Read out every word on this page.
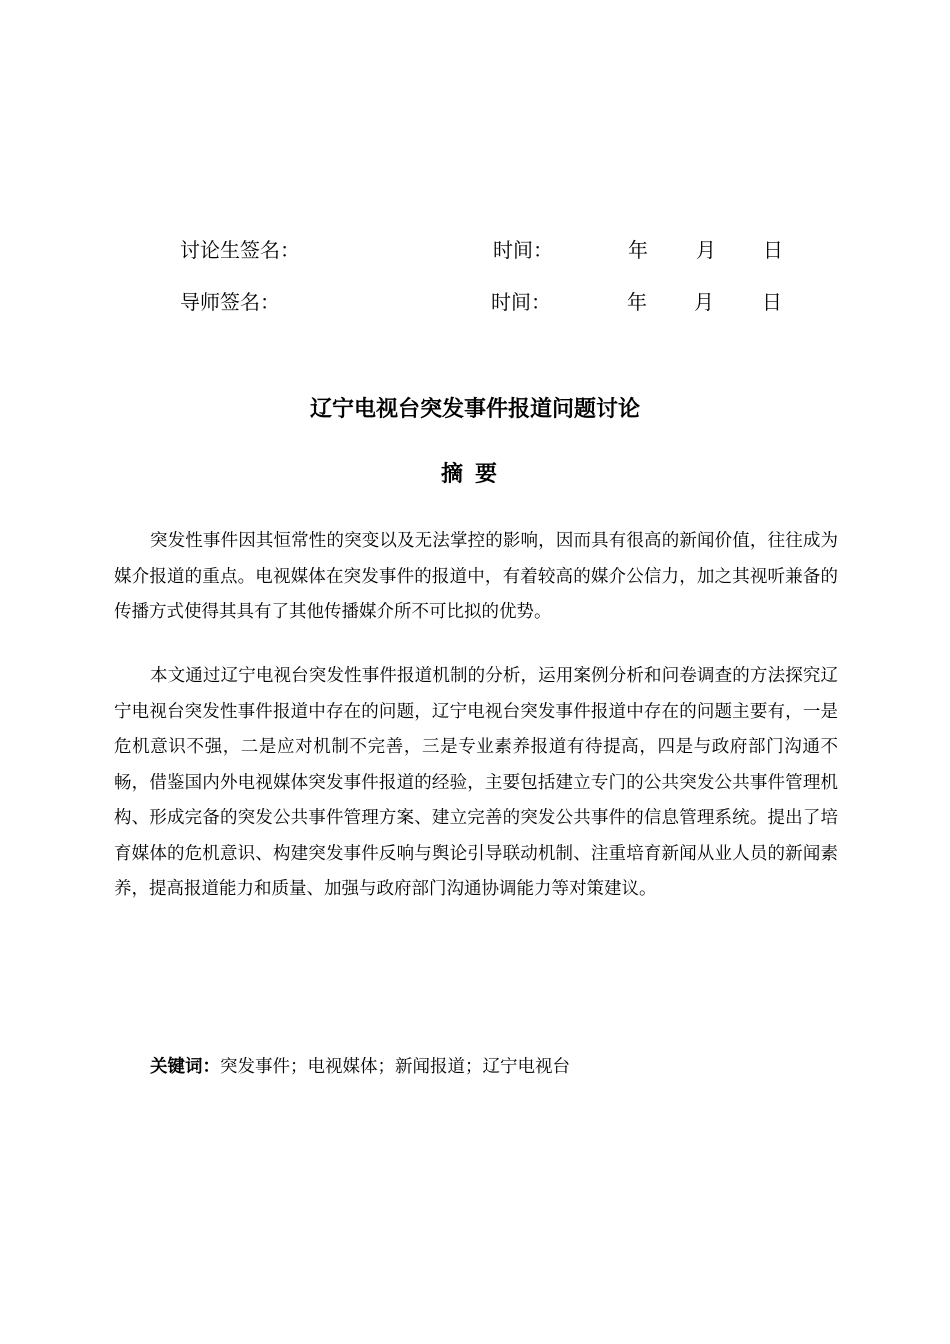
讨论生签名：	时间：	年 月 日
导师签名：	时间：	年 月 日
辽宁电视台突发事件报道问题讨论
摘要

突发性事件因其恒常性的突变以及无法掌控的影响，因而具有很高的新闻价值，往往成为媒介报道的重点。电视媒体在突发事件的报道中，有着较高的媒介公信力，加之其视听兼备的传播方式使得其具有了其他传播媒介所不可比拟的优势。

本文通过辽宁电视台突发性事件报道机制的分析，运用案例分析和问卷调查的方法探究辽宁电视台突发性事件报道中存在的问题，辽宁电视台突发事件报道中存在的问题主要有，一是危机意识不强，二是应对机制不完善，三是专业素养报道有待提高，四是与政府部门沟通不畅，借鉴国内外电视媒体突发事件报道的经验，主要包括建立专门的公共突发公共事件管理机构、形成完备的突发公共事件管理方案、建立完善的突发公共事件的信息管理系统。提出了培育媒体的危机意识、构建突发事件反响与舆论引导联动机制、注重培育新闻从业人员的新闻素养，提高报道能力和质量、加强与政府部门沟通协调能力等对策建议。

关键词：突发事件；电视媒体；新闻报道；辽宁电视台
